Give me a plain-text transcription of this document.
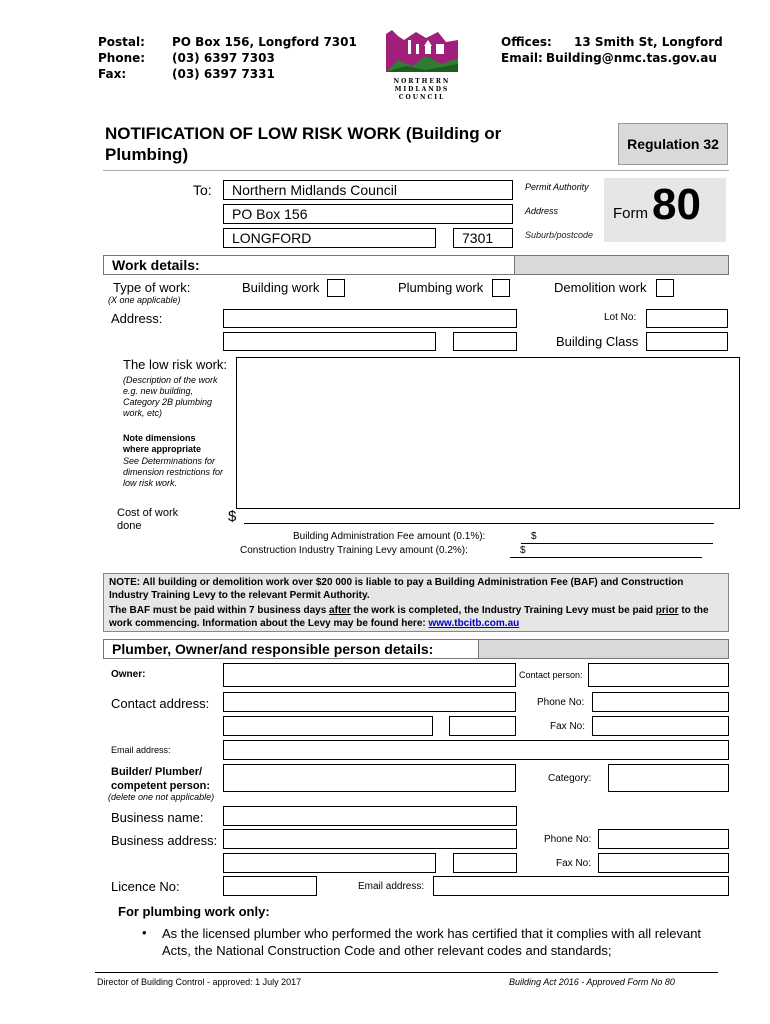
Postal: PO Box 156, Longford 7301
Phone: (03) 6397 7303
Fax:	(03) 6397 7331
NORTHERN
MIDLANDS
COUNCIL
Offices: 13 Smith St, Longford
Email: Building@nmc.tas.gov.au
NOTIFICATION OF LOW RISK WORK (Building or
Plumbing)
Regulation 32
To: Northern Midlands Council
PO Box 156
LONGFORD	7301
Permit Authority
Address
Suburb/postcode
Form 80
Work details:
Type of work:
(X one applicable)
Building work	Plumbing work	Demolition work
Address:	Lot No:
Building Class
The low risk work:
(Description of the work e.g. new building, Category 2B plumbing work, etc)
Note dimensions where appropriate
See Determinations for dimension restrictions for low risk work.
Cost of work done
$
Building Administration Fee amount (0.1%):	$
Construction Industry Training Levy amount (0.2%):	$
NOTE: All building or demolition work over $20 000 is liable to pay a Building Administration Fee (BAF) and Construction Industry Training Levy to the relevant Permit Authority.
The BAF must be paid within 7 business days after the work is completed, the Industry Training Levy must be paid prior to the work commencing. Information about the Levy may be found here: www.tbcitb.com.au
Plumber, Owner/and responsible person details:
Owner:	Contact person:
Contact address:	Phone No:
Fax No:
Email address:
Builder/ Plumber/ competent person:
(delete one not applicable)
Category:
Business name:
Business address:	Phone No:
Fax No:
Licence No:	Email address:
For plumbing work only:
• As the licensed plumber who performed the work has certified that it complies with all relevant Acts, the National Construction Code and other relevant codes and standards;
Director of Building Control - approved: 1 July 2017	Building Act 2016 - Approved Form No 80
